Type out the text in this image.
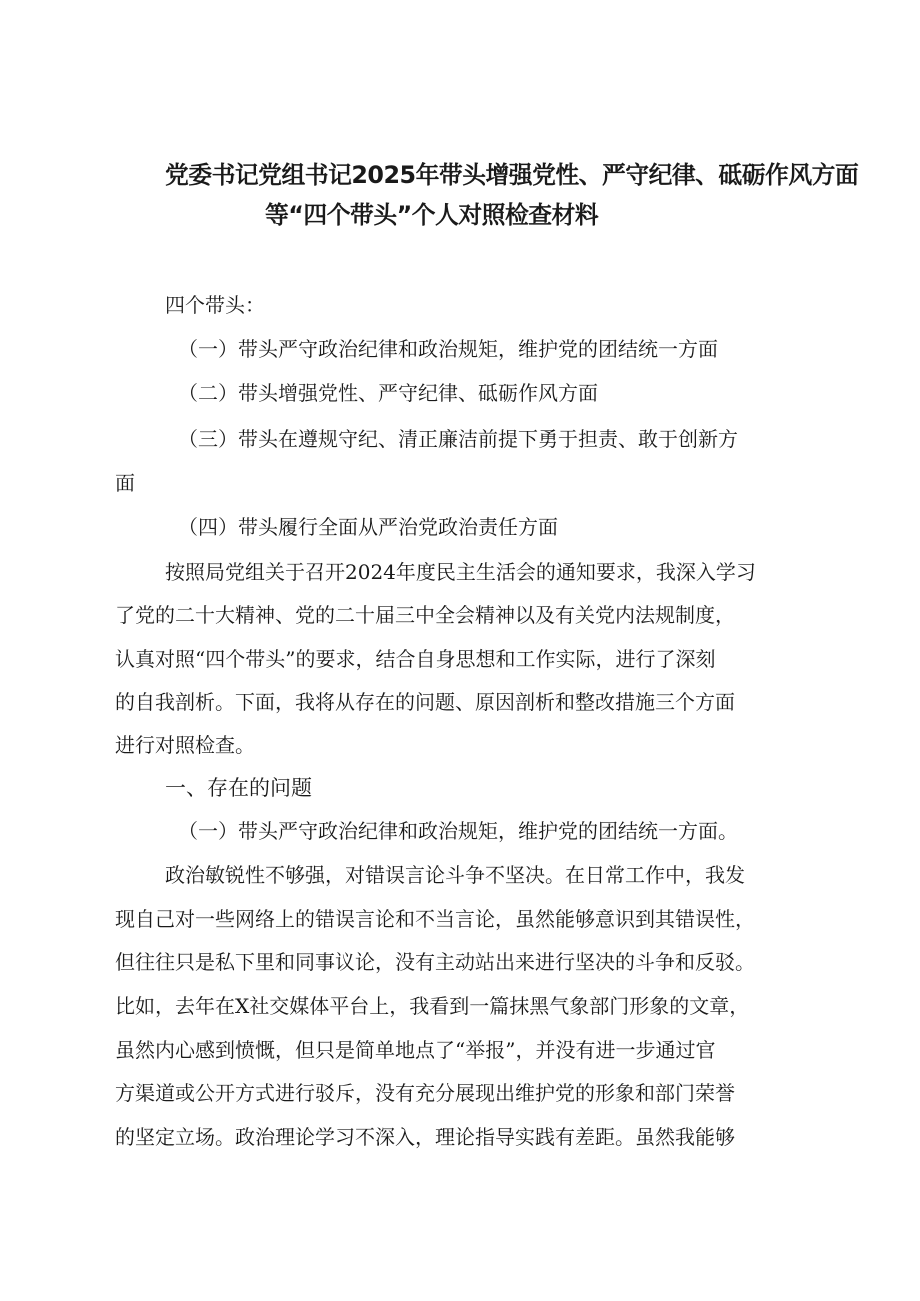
党委书记党组书记2025年带头增强党性、严守纪律、砥砺作风方面
等“四个带头”个人对照检查材料
四个带头：
（一）带头严守政治纪律和政治规矩，维护党的团结统一方面
（二）带头增强党性、严守纪律、砥砺作风方面
（三）带头在遵规守纪、清正廉洁前提下勇于担责、敢于创新方
面
（四）带头履行全面从严治党政治责任方面
按照局党组关于召开2024年度民主生活会的通知要求，我深入学习
了党的二十大精神、党的二十届三中全会精神以及有关党内法规制度，
认真对照“四个带头”的要求，结合自身思想和工作实际，进行了深刻
的自我剖析。下面，我将从存在的问题、原因剖析和整改措施三个方面
进行对照检查。
一、存在的问题
（一）带头严守政治纪律和政治规矩，维护党的团结统一方面。
政治敏锐性不够强，对错误言论斗争不坚决。在日常工作中，我发
现自己对一些网络上的错误言论和不当言论，虽然能够意识到其错误性，
但往往只是私下里和同事议论，没有主动站出来进行坚决的斗争和反驳。
比如，去年在X社交媒体平台上，我看到一篇抹黑气象部门形象的文章，
虽然内心感到愤慨，但只是简单地点了“举报”，并没有进一步通过官
方渠道或公开方式进行驳斥，没有充分展现出维护党的形象和部门荣誉
的坚定立场。政治理论学习不深入，理论指导实践有差距。虽然我能够
